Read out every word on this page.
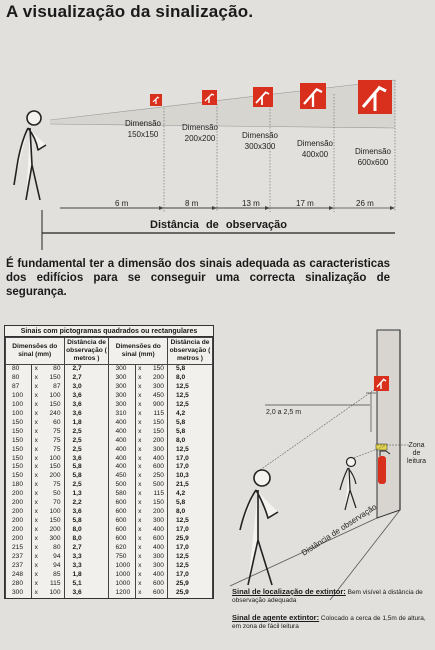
A visualização da sinalização.
Dimensão
150x150
Dimensão
200x200	Dimensão
300x300	Dimensão
400x00	Dimensão
600x600
6 m	8 m	13 m	17 m	26 m
Distância de observação
É fundamental ter a dimensão dos sinais adequada as caracteristicas dos edifícios para se conseguir uma correcta sinalização de segurança.
Sinais com pictogramas quadrados ou rectangulares
Dimensões do sinal (mm)			Distância de observação ( metros )	Dimensões do sinal (mm)			Distância de observação ( metros )
80	x	80	2,7	300	x	150	5,8
80	x	150	2,7	300	x	200	8,0
87	x	87	3,0	300	x	300	12,5
100	x	100	3,6	300	x	450	12,5
100	x	150	3,6	300	x	900	12,5
100	x	240	3,6	310	x	115	4,2
150	x	60	1,8	400	x	150	5,8
150	x	75	2,5	400	x	150	5,8
150	x	75	2,5	400	x	200	8,0
150	x	75	2,5	400	x	300	12,5
150	x	100	3,6	400	x	400	17,0
150	x	150	5,8	400	x	600	17,0
150	x	200	5,8	450	x	250	10,3
180	x	75	2,5	500	x	500	21,5
200	x	50	1,3	580	x	115	4,2
200	x	70	2,2	600	x	150	5,8
200	x	100	3,6	600	x	200	8,0
200	x	150	5,8	600	x	300	12,5
200	x	200	8,0	600	x	400	17,0
200	x	300	8,0	600	x	600	25,9
215	x	80	2,7	620	x	400	17,0
237	x	94	3,3	750	x	300	12,5
237	x	94	3,3	1000	x	300	12,5
248	x	85	1,8	1000	x	400	17,0
280	x	115	5,1	1000	x	600	25,9
300	x	100	3,6	1200	x	600	25,9
2,0 a 2,5 m
Zona
de
leitura
Distância de observação
Sinal de localização de extintor: Bem visível à distância de observação adequada
Sinal de agente extintor: Colocado a cerca de 1,5m de altura, em zona de fácil leitura
